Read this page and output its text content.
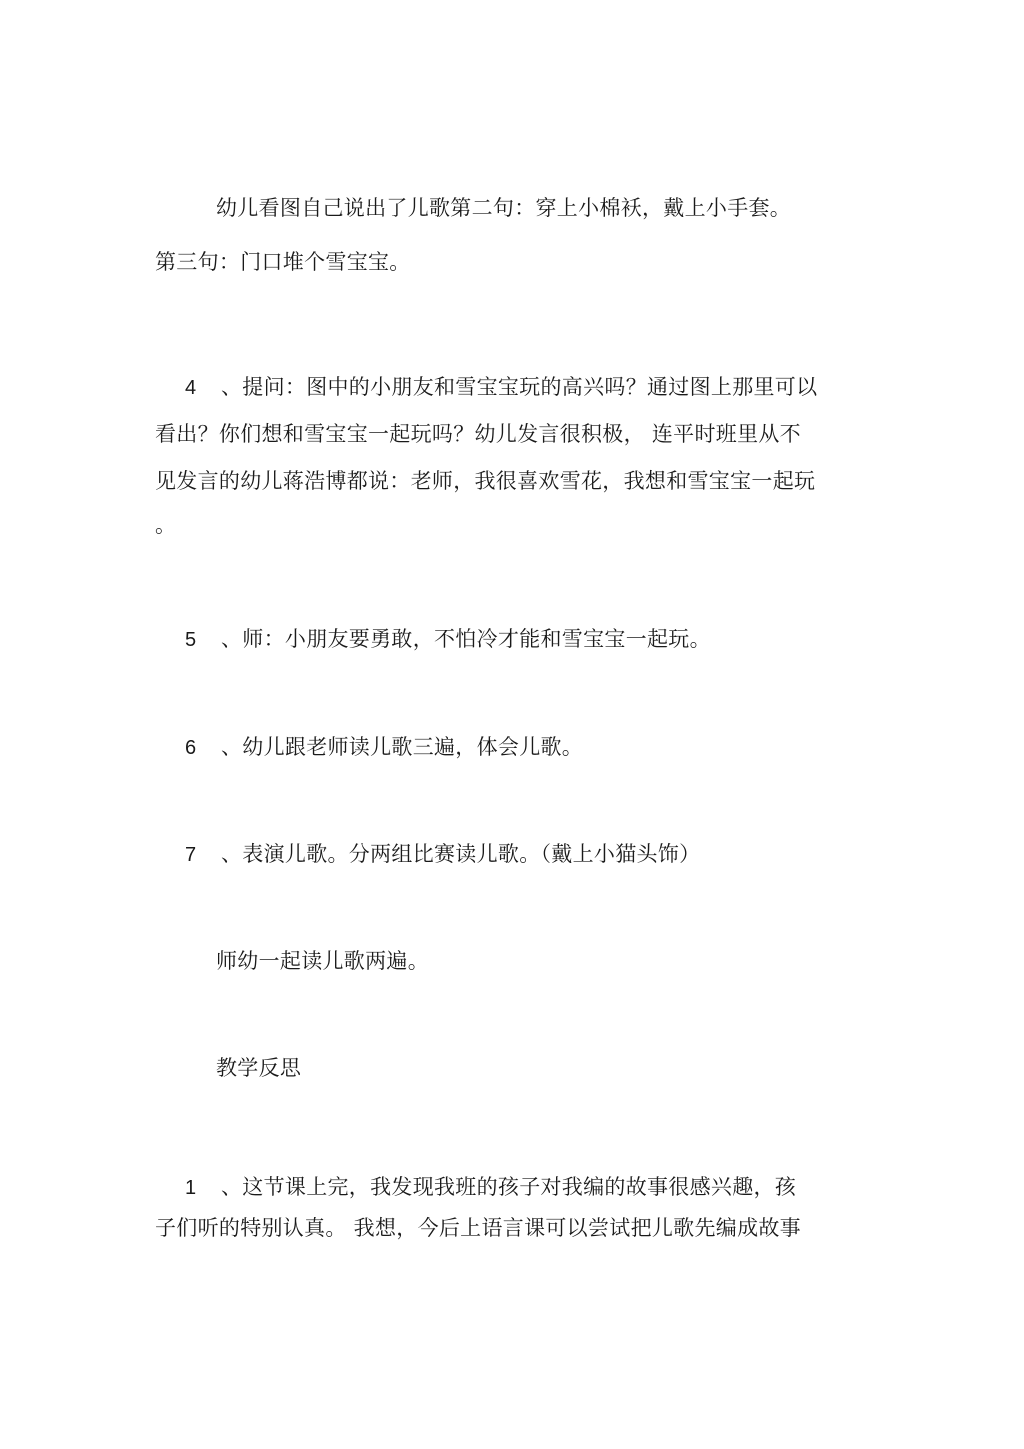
幼儿看图自己说出了儿歌第二句：穿上小棉袄，戴上小手套。
第三句：门口堆个雪宝宝。
4 、提问：图中的小朋友和雪宝宝玩的高兴吗？通过图上那里可以
看出？你们想和雪宝宝一起玩吗？幼儿发言很积极， 连平时班里从不
见发言的幼儿蒋浩博都说：老师，我很喜欢雪花，我想和雪宝宝一起玩
。
5 、师：小朋友要勇敢，不怕冷才能和雪宝宝一起玩。
6 、幼儿跟老师读儿歌三遍，体会儿歌。
7 、表演儿歌。分两组比赛读儿歌。（戴上小猫头饰）
师幼一起读儿歌两遍。
教学反思
1 、这节课上完，我发现我班的孩子对我编的故事很感兴趣，孩
子们听的特别认真。 我想，今后上语言课可以尝试把儿歌先编成故事
